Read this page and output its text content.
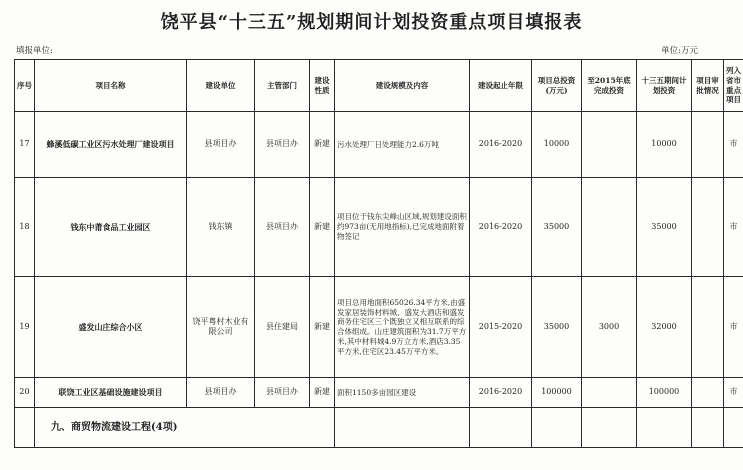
饶平县“十三五”规划期间计划投资重点项目填报表
填报单位:	单位:万元
序号	项目名称	建设单位	主管部门	建设性质	建设规模及内容	建设起止年限	项目总投资(万元)	至2015年底完成投资	十三五期间计划投资	项目审批情况	列入省市重点项目
17	蜂溪低碳工业区污水处理厂建设项目	县项目办	县项目办	新建	污水处理厂日处理能力2.6万吨	2016-2020	10000		10000		市
18	钱东中莆食品工业园区	钱东镇	县项目办	新建	项目位于钱东尖峰山区域,规划建设面积约973亩(无用地指标),已完成地面附着物签记	2016-2020	35000		35000		市
19	盛发山庄综合小区	饶平粤村木业有限公司	县住建局	新建	项目总用地面积65026.34平方米,由盛发家居装饰材料城、盛发大酒店和盛发商务住宅区三个既独立又相互联系的综合体组成。山庄建筑面积为31.7万平方米,其中材料城4.9万立方米,酒店3.35平方米,住宅区23.45万平方米。	2015-2020	35000	3000	32000		市
20	联饶工业区基础设施建设项目	县项目办	县项目办	新建	面积1150多亩园区建设	2016-2020	100000		100000		市
	九、商贸物流建设工程(4项)										
